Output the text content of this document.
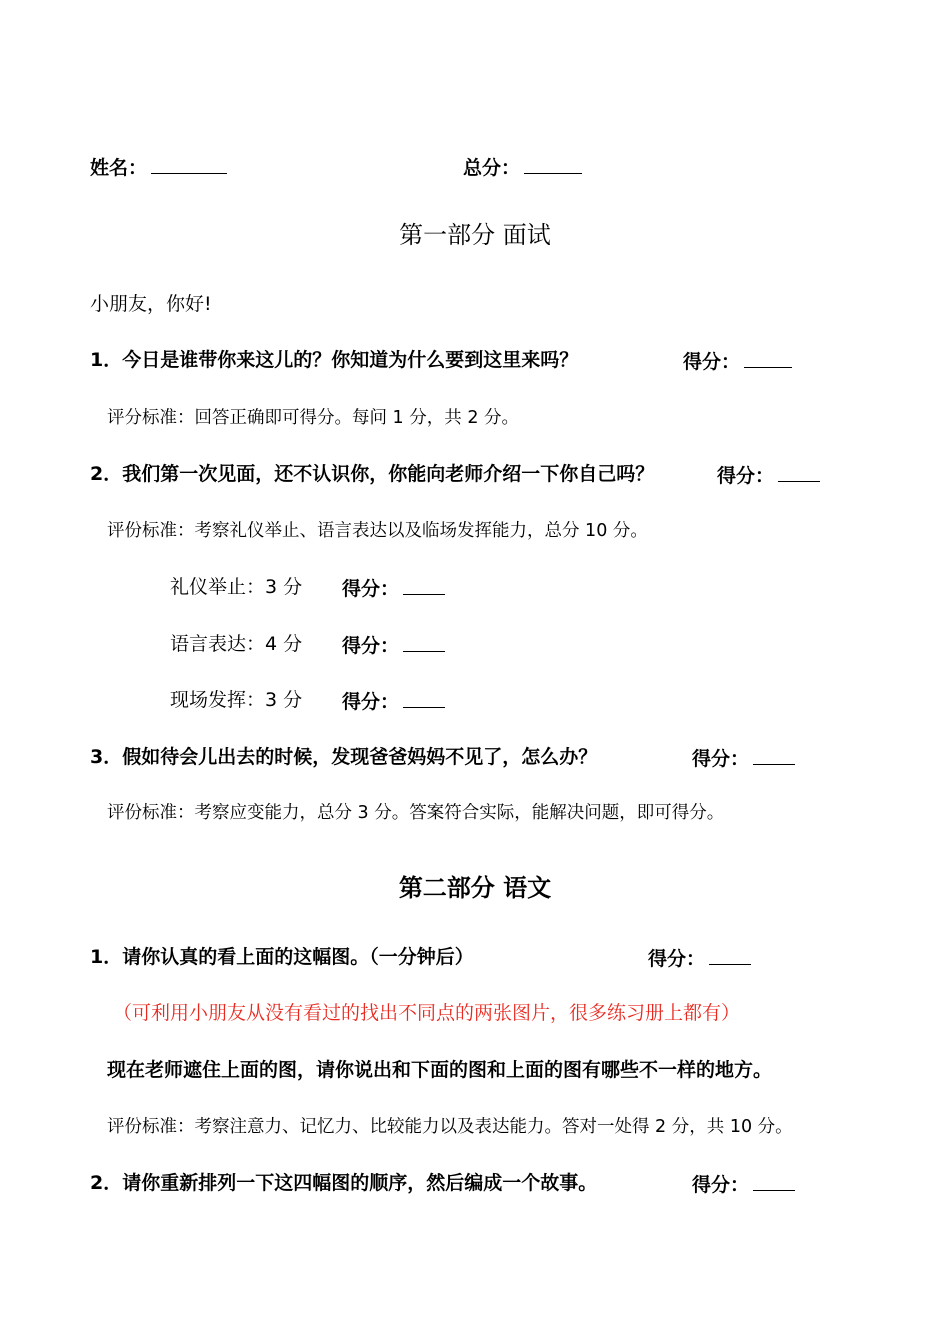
姓名：	总分：
第一部分 面试
小朋友，你好!
1．今日是谁带你来这儿的？你知道为什么要到这里来吗？	得分：
评分标准：回答正确即可得分。每问 1 分，共 2 分。
2．我们第一次见面，还不认识你，你能向老师介绍一下你自己吗？	得分：
评份标准：考察礼仪举止、语言表达以及临场发挥能力，总分 10 分。
礼仪举止：3 分 得分：
语言表达：4 分 得分：
现场发挥：3 分 得分：
3．假如待会儿出去的时候，发现爸爸妈妈不见了，怎么办？	得分：
评份标准：考察应变能力，总分 3 分。答案符合实际，能解决问题，即可得分。
第二部分 语文
1．请你认真的看上面的这幅图。（一分钟后）	得分：
（可利用小朋友从没有看过的找出不同点的两张图片，很多练习册上都有）
现在老师遮住上面的图，请你说出和下面的图和上面的图有哪些不一样的地方。
评份标准：考察注意力、记忆力、比较能力以及表达能力。答对一处得 2 分，共 10 分。
2．请你重新排列一下这四幅图的顺序，然后编成一个故事。	得分：
